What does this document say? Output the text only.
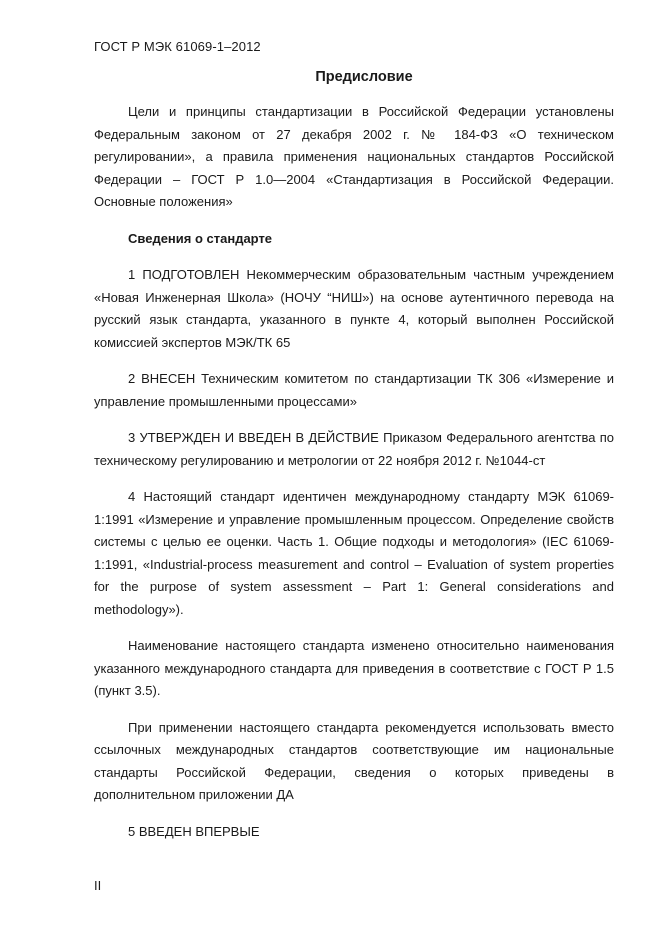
ГОСТ Р МЭК 61069-1–2012
Предисловие

Цели и принципы стандартизации в Российской Федерации установлены Федеральным законом от 27 декабря 2002 г. № 184-ФЗ «О техническом регулировании», а правила применения национальных стандартов Российской Федерации – ГОСТ Р 1.0—2004 «Стандартизация в Российской Федерации. Основные положения»

Сведения о стандарте

1 ПОДГОТОВЛЕН Некоммерческим образовательным частным учреждением «Новая Инженерная Школа» (НОЧУ “НИШ») на основе аутентичного перевода на русский язык стандарта, указанного в пункте 4, который выполнен Российской комиссией экспертов МЭК/ТК 65

2 ВНЕСЕН Техническим комитетом по стандартизации ТК 306 «Измерение и управление промышленными процессами»

3 УТВЕРЖДЕН И ВВЕДЕН В ДЕЙСТВИЕ Приказом Федерального агентства по техническому регулированию и метрологии от 22 ноября 2012 г. №1044-ст

4 Настоящий стандарт идентичен международному стандарту МЭК 61069-1:1991 «Измерение и управление промышленным процессом. Определение свойств системы с целью ее оценки. Часть 1. Общие подходы и методология» (IEC 61069-1:1991, «Industrial-process measurement and control – Evaluation of system properties for the purpose of system assessment – Part 1: General considerations and methodology»).

Наименование настоящего стандарта изменено относительно наименования указанного международного стандарта для приведения в соответствие с ГОСТ Р 1.5 (пункт 3.5).

При применении настоящего стандарта рекомендуется использовать вместо ссылочных международных стандартов соответствующие им национальные стандарты Российской Федерации, сведения о которых приведены в дополнительном приложении ДА

5 ВВЕДЕН ВПЕРВЫЕ

II
